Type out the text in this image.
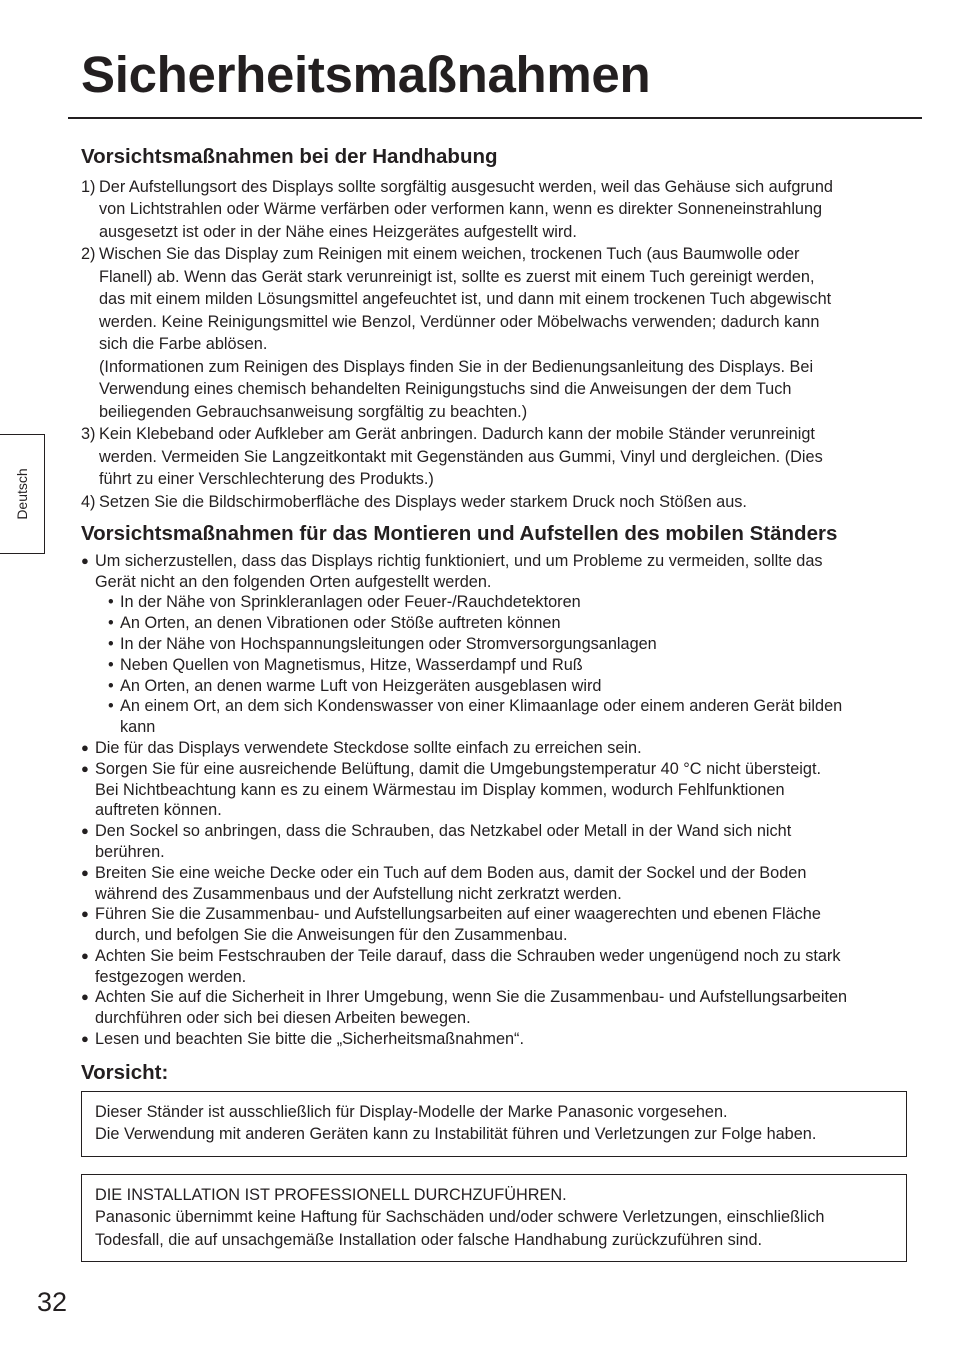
Sicherheitsmaßnahmen
Deutsch
Vorsichtsmaßnahmen bei der Handhabung
1) Der Aufstellungsort des Displays sollte sorgfältig ausgesucht werden, weil das Gehäuse sich aufgrund
von Lichtstrahlen oder Wärme verfärben oder verformen kann, wenn es direkter Sonneneinstrahlung
ausgesetzt ist oder in der Nähe eines Heizgerätes aufgestellt wird.
2) Wischen Sie das Display zum Reinigen mit einem weichen, trockenen Tuch (aus Baumwolle oder
Flanell) ab. Wenn das Gerät stark verunreinigt ist, sollte es zuerst mit einem Tuch gereinigt werden,
das mit einem milden Lösungsmittel angefeuchtet ist, und dann mit einem trockenen Tuch abgewischt
werden. Keine Reinigungsmittel wie Benzol, Verdünner oder Möbelwachs verwenden; dadurch kann
sich die Farbe ablösen.
(Informationen zum Reinigen des Displays finden Sie in der Bedienungsanleitung des Displays. Bei
Verwendung eines chemisch behandelten Reinigungstuchs sind die Anweisungen der dem Tuch
beiliegenden Gebrauchsanweisung sorgfältig zu beachten.)
3) Kein Klebeband oder Aufkleber am Gerät anbringen. Dadurch kann der mobile Ständer verunreinigt
werden. Vermeiden Sie Langzeitkontakt mit Gegenständen aus Gummi, Vinyl und dergleichen. (Dies
führt zu einer Verschlechterung des Produkts.)
4) Setzen Sie die Bildschirmoberfläche des Displays weder starkem Druck noch Stößen aus.
Vorsichtsmaßnahmen für das Montieren und Aufstellen des mobilen Ständers
● Um sicherzustellen, dass das Displays richtig funktioniert, und um Probleme zu vermeiden, sollte das
Gerät nicht an den folgenden Orten aufgestellt werden.
• In der Nähe von Sprinkleranlagen oder Feuer-/Rauchdetektoren
• An Orten, an denen Vibrationen oder Stöße auftreten können
• In der Nähe von Hochspannungsleitungen oder Stromversorgungsanlagen
• Neben Quellen von Magnetismus, Hitze, Wasserdampf und Ruß
• An Orten, an denen warme Luft von Heizgeräten ausgeblasen wird
• An einem Ort, an dem sich Kondenswasser von einer Klimaanlage oder einem anderen Gerät bilden
kann
● Die für das Displays verwendete Steckdose sollte einfach zu erreichen sein.
● Sorgen Sie für eine ausreichende Belüftung, damit die Umgebungstemperatur 40 °C nicht übersteigt.
Bei Nichtbeachtung kann es zu einem Wärmestau im Display kommen, wodurch Fehlfunktionen
auftreten können.
● Den Sockel so anbringen, dass die Schrauben, das Netzkabel oder Metall in der Wand sich nicht
berühren.
● Breiten Sie eine weiche Decke oder ein Tuch auf dem Boden aus, damit der Sockel und der Boden
während des Zusammenbaus und der Aufstellung nicht zerkratzt werden.
● Führen Sie die Zusammenbau- und Aufstellungsarbeiten auf einer waagerechten und ebenen Fläche
durch, und befolgen Sie die Anweisungen für den Zusammenbau.
● Achten Sie beim Festschrauben der Teile darauf, dass die Schrauben weder ungenügend noch zu stark
festgezogen werden.
● Achten Sie auf die Sicherheit in Ihrer Umgebung, wenn Sie die Zusammenbau- und Aufstellungsarbeiten
durchführen oder sich bei diesen Arbeiten bewegen.
● Lesen und beachten Sie bitte die „Sicherheitsmaßnahmen“.
Vorsicht:
Dieser Ständer ist ausschließlich für Display-Modelle der Marke Panasonic vorgesehen.
Die Verwendung mit anderen Geräten kann zu Instabilität führen und Verletzungen zur Folge haben.
DIE INSTALLATION IST PROFESSIONELL DURCHZUFÜHREN.
Panasonic übernimmt keine Haftung für Sachschäden und/oder schwere Verletzungen, einschließlich
Todesfall, die auf unsachgemäße Installation oder falsche Handhabung zurückzuführen sind.
32
